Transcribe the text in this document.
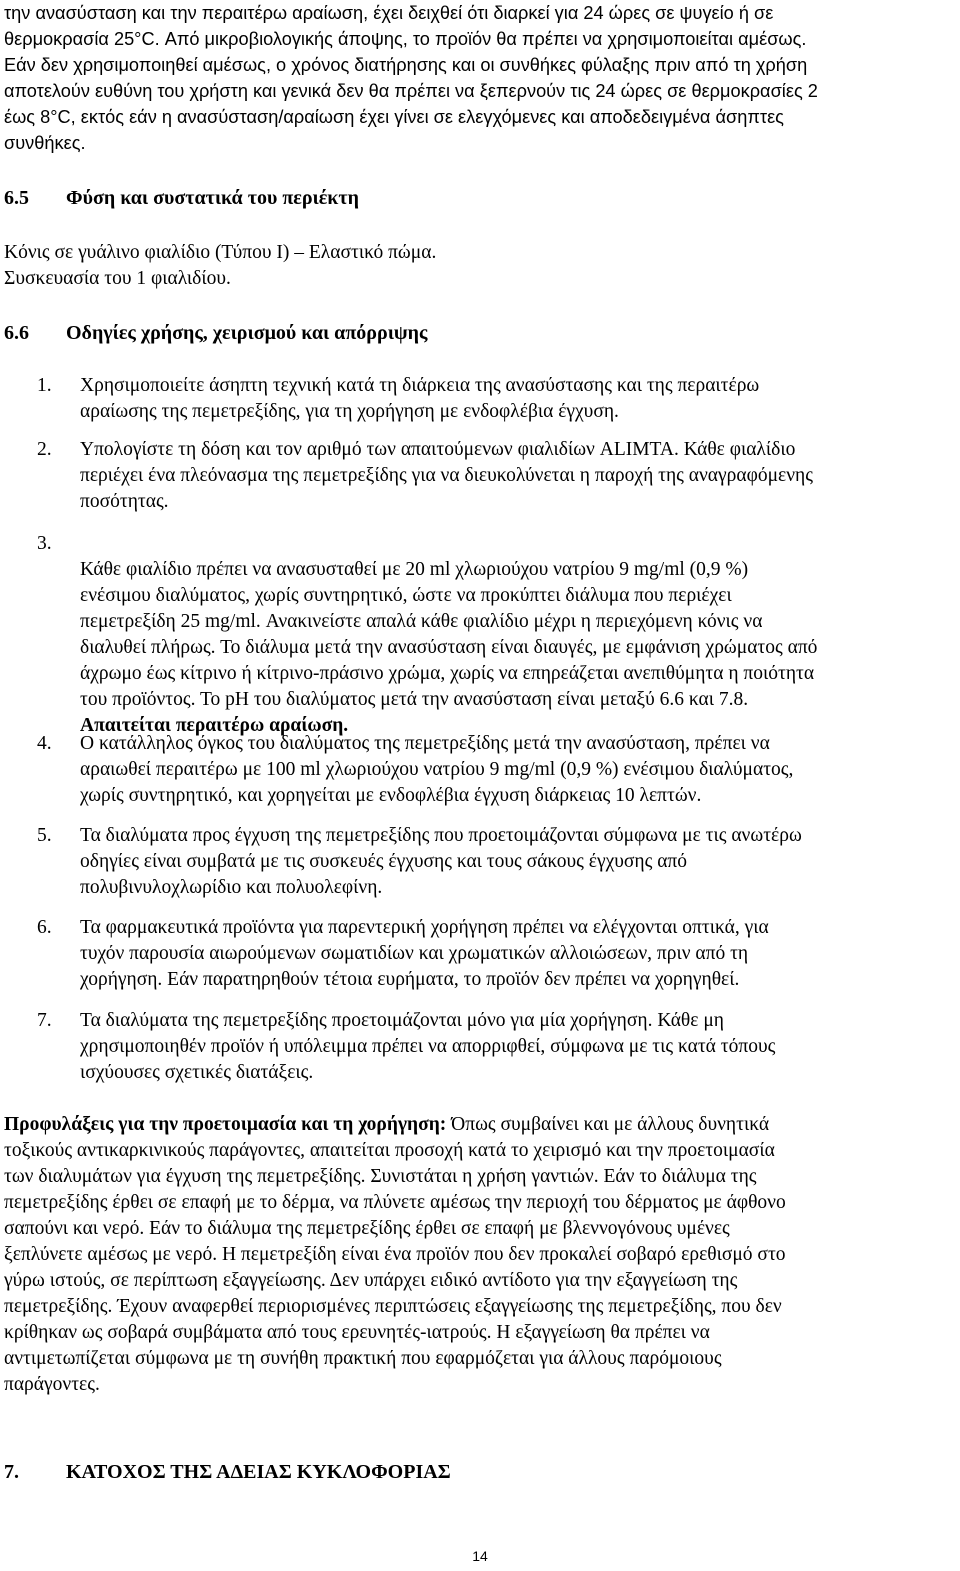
την ανασύσταση και την περαιτέρω αραίωση, έχει δειχθεί ότι διαρκεί για 24 ώρες σε ψυγείο ή σε
θερμοκρασία 25°C. Από μικροβιολογικής άποψης, το προϊόν θα πρέπει να χρησιμοποιείται αμέσως.
Εάν δεν χρησιμοποιηθεί αμέσως, ο χρόνος διατήρησης και οι συνθήκες φύλαξης πριν από τη χρήση
αποτελούν ευθύνη του χρήστη και γενικά δεν θα πρέπει να ξεπερνούν τις 24 ώρες σε θερμοκρασίες 2
έως 8°C, εκτός εάν η ανασύσταση/αραίωση έχει γίνει σε ελεγχόμενες και αποδεδειγμένα άσηπτες
συνθήκες.
6.5 Φύση και συστατικά του περιέκτη
Κόνις σε γυάλινο φιαλίδιο (Τύπου Ι) – Ελαστικό πώμα.
Συσκευασία του 1 φιαλιδίου.
6.6 Οδηγίες χρήσης, χειρισμού και απόρριψης
1.	Χρησιμοποιείτε άσηπτη τεχνική κατά τη διάρκεια της ανασύστασης και της περαιτέρω
αραίωσης της πεμετρεξίδης, για τη χορήγηση με ενδοφλέβια έγχυση.
2.	Υπολογίστε τη δόση και τον αριθμό των απαιτούμενων φιαλιδίων ALIMTA. Κάθε φιαλίδιο
περιέχει ένα πλεόνασμα της πεμετρεξίδης για να διευκολύνεται η παροχή της αναγραφόμενης
ποσότητας.
3.

Κάθε φιαλίδιο πρέπει να ανασυσταθεί με 20 ml χλωριούχου νατρίου 9 mg/ml (0,9 %)
ενέσιμου διαλύματος, χωρίς συντηρητικό, ώστε να προκύπτει διάλυμα που περιέχει
πεμετρεξίδη 25 mg/ml. Ανακινείστε απαλά κάθε φιαλίδιο μέχρι η περιεχόμενη κόνις να
διαλυθεί πλήρως. Το διάλυμα μετά την ανασύσταση είναι διαυγές, με εμφάνιση χρώματος από
άχρωμο έως κίτρινο ή κίτρινο-πράσινο χρώμα, χωρίς να επηρεάζεται ανεπιθύμητα η ποιότητα
του προϊόντος. Το pH του διαλύματος μετά την ανασύσταση είναι μεταξύ 6.6 και 7.8.

Απαιτείται περαιτέρω αραίωση.

4.	Ο κατάλληλος όγκος του διαλύματος της πεμετρεξίδης μετά την ανασύσταση, πρέπει να
αραιωθεί περαιτέρω με 100 ml χλωριούχου νατρίου 9 mg/ml (0,9 %) ενέσιμου διαλύματος,
χωρίς συντηρητικό, και χορηγείται με ενδοφλέβια έγχυση διάρκειας 10 λεπτών.
5.	Τα διαλύματα προς έγχυση της πεμετρεξίδης που προετοιμάζονται σύμφωνα με τις ανωτέρω
οδηγίες είναι συμβατά με τις συσκευές έγχυσης και τους σάκους έγχυσης από
πολυβινυλοχλωρίδιο και πολυολεφίνη.
6.	Τα φαρμακευτικά προϊόντα για παρεντερική χορήγηση πρέπει να ελέγχονται οπτικά, για
τυχόν παρουσία αιωρούμενων σωματιδίων και χρωματικών αλλοιώσεων, πριν από τη
χορήγηση. Εάν παρατηρηθούν τέτοια ευρήματα, το προϊόν δεν πρέπει να χορηγηθεί.
7.	Τα διαλύματα της πεμετρεξίδης προετοιμάζονται μόνο για μία χορήγηση. Κάθε μη
χρησιμοποιηθέν προϊόν ή υπόλειμμα πρέπει να απορριφθεί, σύμφωνα με τις κατά τόπους
ισχύουσες σχετικές διατάξεις.
Προφυλάξεις για την προετοιμασία και τη χορήγηση: Όπως συμβαίνει και με άλλους δυνητικά
τοξικούς αντικαρκινικούς παράγοντες, απαιτείται προσοχή κατά το χειρισμό και την προετοιμασία
των διαλυμάτων για έγχυση της πεμετρεξίδης. Συνιστάται η χρήση γαντιών. Εάν το διάλυμα της
πεμετρεξίδης έρθει σε επαφή με το δέρμα, να πλύνετε αμέσως την περιοχή του δέρματος με άφθονο
σαπούνι και νερό. Εάν το διάλυμα της πεμετρεξίδης έρθει σε επαφή με βλεννογόνους υμένες
ξεπλύνετε αμέσως με νερό. Η πεμετρεξίδη είναι ένα προϊόν που δεν προκαλεί σοβαρό ερεθισμό στο
γύρω ιστούς, σε περίπτωση εξαγγείωσης. Δεν υπάρχει ειδικό αντίδοτο για την εξαγγείωση της
πεμετρεξίδης. Έχουν αναφερθεί περιορισμένες περιπτώσεις εξαγγείωσης της πεμετρεξίδης, που δεν
κρίθηκαν ως σοβαρά συμβάματα από τους ερευνητές-ιατρούς. Η εξαγγείωση θα πρέπει να
αντιμετωπίζεται σύμφωνα με τη συνήθη πρακτική που εφαρμόζεται για άλλους παρόμοιους
παράγοντες.
7. ΚΑΤΟΧΟΣ ΤΗΣ ΑΔΕΙΑΣ ΚΥΚΛΟΦΟΡΙΑΣ
14
